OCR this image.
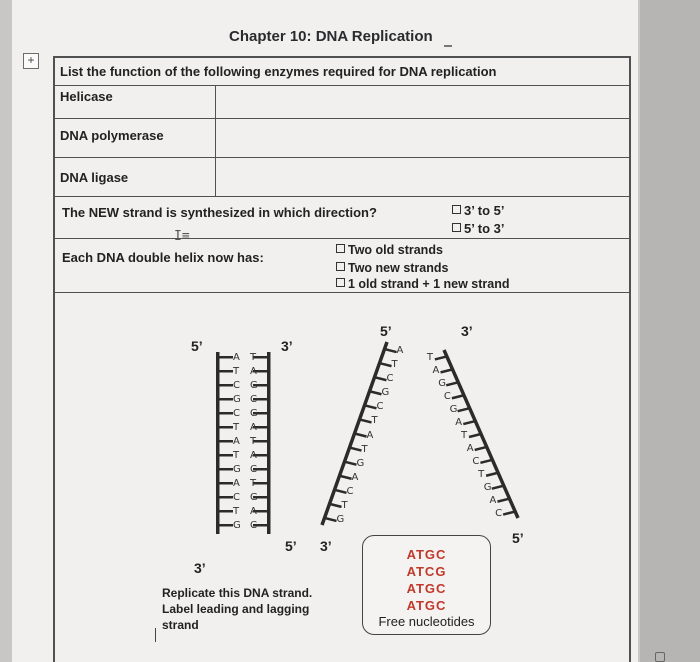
Chapter 10: DNA Replication
+
List the function of the following enzymes required for DNA replication
Helicase
DNA polymerase
DNA ligase
The NEW strand is synthesized in which direction?
I≡
3’ to 5’
5’ to 3’
Each DNA double helix now has:	Two old strands
Two new strands
1 old strand + 1 new strand
5’	3’
3’
5’
A T
T A
C G
G C
C G
T A
A T
T A
G C
A T
C G
T A
G C
5’	3’
3’	5’
A
T
T
A
C	G
G	C
C	G
T	A
A	T
T	A
G	C
A	T
C	G
T	A
G
C
Replicate this DNA strand.
Label leading and lagging
strand
ATGC
ATCG
ATGC
ATGC
Free nucleotides
